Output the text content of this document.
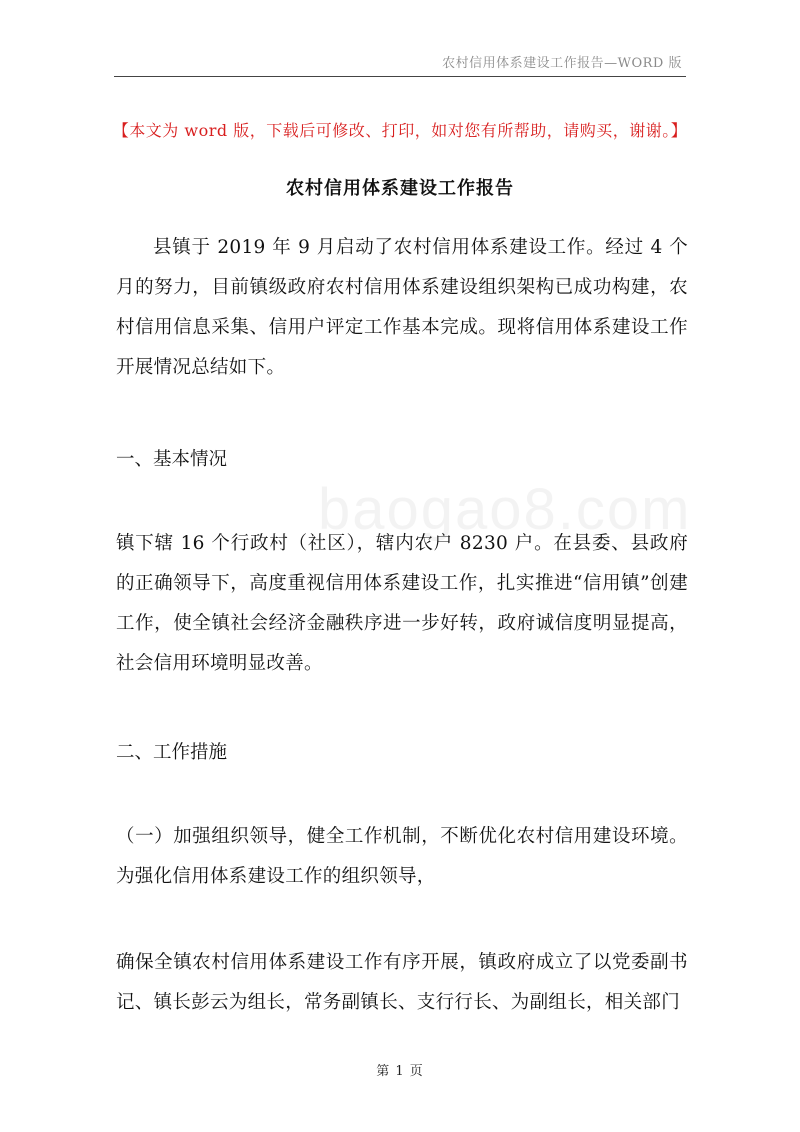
农村信用体系建设工作报告—WORD 版
【本文为 word 版，下载后可修改、打印，如对您有所帮助，请购买，谢谢。】
农村信用体系建设工作报告

县镇于 2019 年 9 月启动了农村信用体系建设工作。经过 4 个月的努力，目前镇级政府农村信用体系建设组织架构已成功构建，农村信用信息采集、信用户评定工作基本完成。现将信用体系建设工作开展情况总结如下。

一、基本情况

镇下辖 16 个行政村（社区），辖内农户 8230 户。在县委、县政府的正确领导下，高度重视信用体系建设工作，扎实推进“信用镇”创建工作，使全镇社会经济金融秩序进一步好转，政府诚信度明显提高，社会信用环境明显改善。

二、工作措施

（一）加强组织领导，健全工作机制，不断优化农村信用建设环境。为强化信用体系建设工作的组织领导，

确保全镇农村信用体系建设工作有序开展，镇政府成立了以党委副书记、镇长彭云为组长，常务副镇长、支行行长、为副组长，相关部门

baogao8.com
第 1 页
